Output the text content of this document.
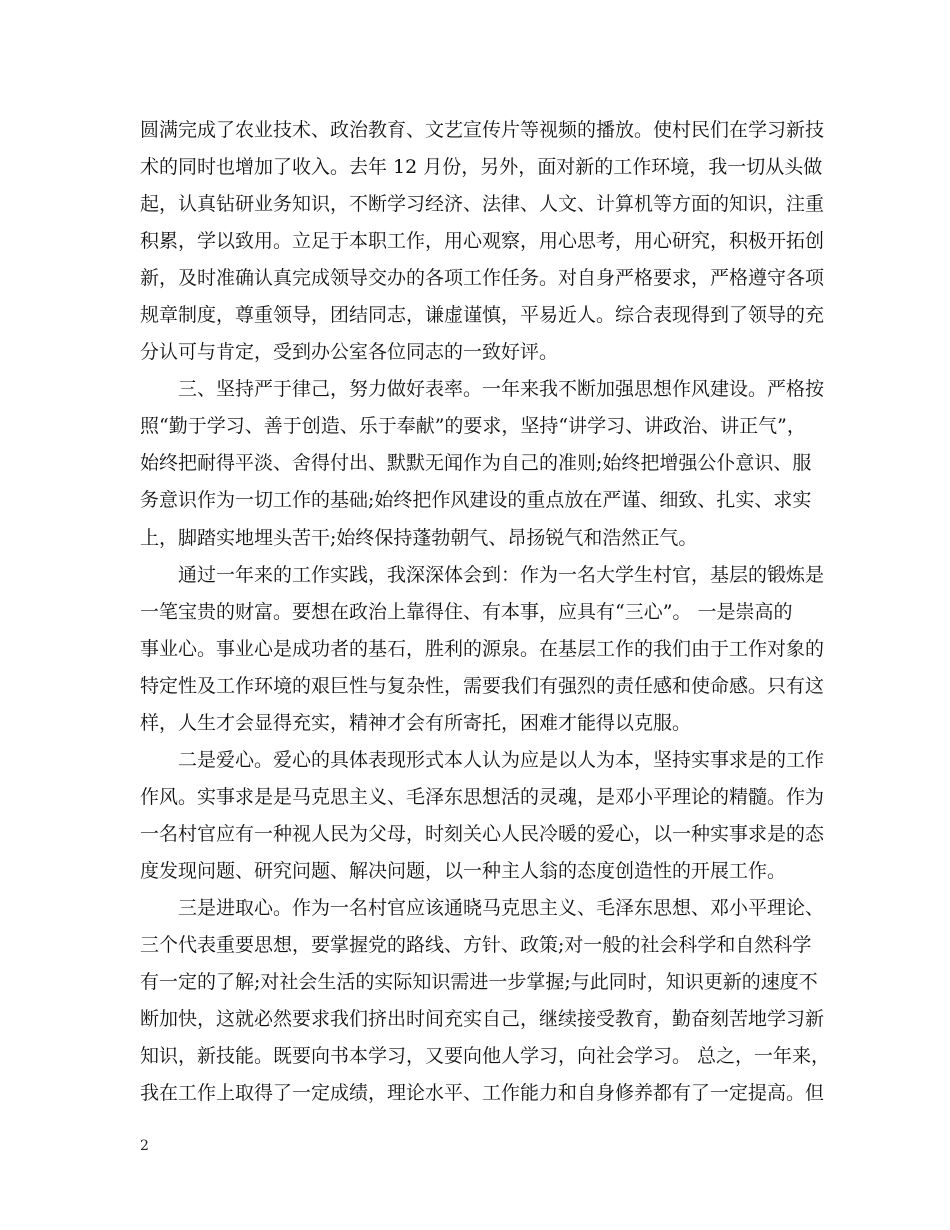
圆满完成了农业技术、政治教育、文艺宣传片等视频的播放。使村民们在学习新技
术的同时也增加了收入。去年 12 月份，另外，面对新的工作环境，我一切从头做
起，认真钻研业务知识，不断学习经济、法律、人文、计算机等方面的知识，注重
积累，学以致用。立足于本职工作，用心观察，用心思考，用心研究，积极开拓创
新，及时准确认真完成领导交办的各项工作任务。对自身严格要求，严格遵守各项
规章制度，尊重领导，团结同志，谦虚谨慎，平易近人。综合表现得到了领导的充
分认可与肯定，受到办公室各位同志的一致好评。
三、坚持严于律己，努力做好表率。一年来我不断加强思想作风建设。严格按
照“勤于学习、善于创造、乐于奉献”的要求，坚持“讲学习、讲政治、讲正气”，
始终把耐得平淡、舍得付出、默默无闻作为自己的准则;始终把增强公仆意识、服
务意识作为一切工作的基础;始终把作风建设的重点放在严谨、细致、扎实、求实
上，脚踏实地埋头苦干;始终保持蓬勃朝气、昂扬锐气和浩然正气。
通过一年来的工作实践，我深深体会到：作为一名大学生村官，基层的锻炼是
一笔宝贵的财富。要想在政治上靠得住、有本事，应具有“三心”。 一是崇高的
事业心。事业心是成功者的基石，胜利的源泉。在基层工作的我们由于工作对象的
特定性及工作环境的艰巨性与复杂性，需要我们有强烈的责任感和使命感。只有这
样，人生才会显得充实，精神才会有所寄托，困难才能得以克服。
二是爱心。爱心的具体表现形式本人认为应是以人为本，坚持实事求是的工作
作风。实事求是是马克思主义、毛泽东思想活的灵魂，是邓小平理论的精髓。作为
一名村官应有一种视人民为父母，时刻关心人民冷暖的爱心，以一种实事求是的态
度发现问题、研究问题、解决问题，以一种主人翁的态度创造性的开展工作。
三是进取心。作为一名村官应该通晓马克思主义、毛泽东思想、邓小平理论、
三个代表重要思想，要掌握党的路线、方针、政策;对一般的社会科学和自然科学
有一定的了解;对社会生活的实际知识需进一步掌握;与此同时，知识更新的速度不
断加快，这就必然要求我们挤出时间充实自己，继续接受教育，勤奋刻苦地学习新
知识，新技能。既要向书本学习，又要向他人学习，向社会学习。 总之，一年来，
我在工作上取得了一定成绩，理论水平、工作能力和自身修养都有了一定提高。但
2
